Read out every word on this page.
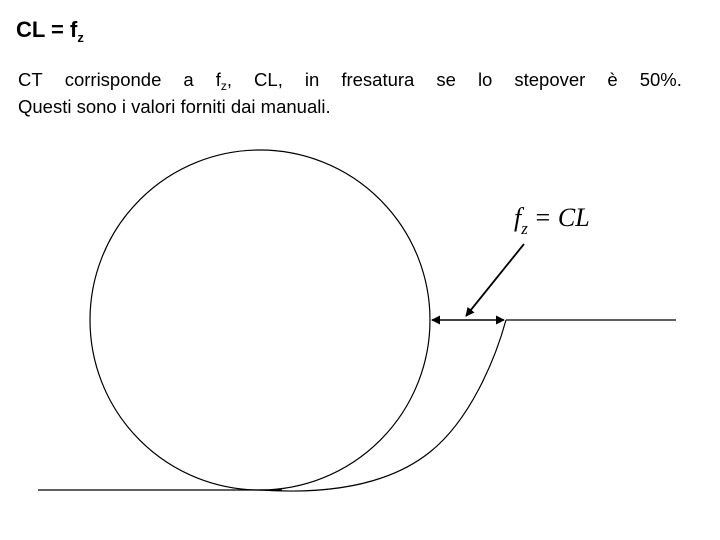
CL = $f_z$
CT corrisponde a $f_z$, CL, in fresatura se lo stepover è 50%.
Questi sono i valori forniti dai manuali.
$f_z$ = CL
